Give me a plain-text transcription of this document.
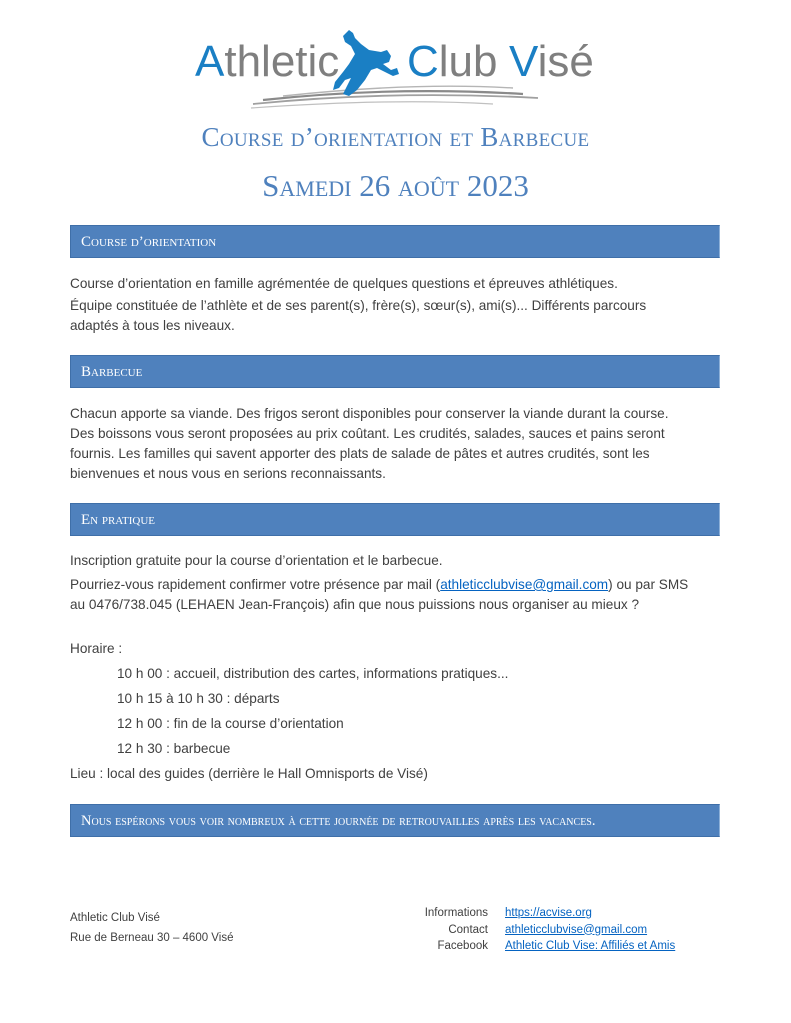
Athletic Club Visé
Course d’orientation et Barbecue
Samedi 26 août 2023
Course d’orientation
Course d’orientation en famille agrémentée de quelques questions et épreuves athlétiques.
Équipe constituée de l’athlète et de ses parent(s), frère(s), sœur(s), ami(s)... Différents parcours
adaptés à tous les niveaux.
Barbecue
Chacun apporte sa viande. Des frigos seront disponibles pour conserver la viande durant la course.
Des boissons vous seront proposées au prix coûtant. Les crudités, salades, sauces et pains seront
fournis. Les familles qui savent apporter des plats de salade de pâtes et autres crudités, sont les
bienvenues et nous vous en serions reconnaissants.
En pratique
Inscription gratuite pour la course d’orientation et le barbecue.
Pourriez-vous rapidement confirmer votre présence par mail (athleticclubvise@gmail.com) ou par SMS
au 0476/738.045 (LEHAEN Jean-François) afin que nous puissions nous organiser au mieux ?
Horaire :
10 h 00 : accueil, distribution des cartes, informations pratiques...
10 h 15 à 10 h 30 : départs
12 h 00 : fin de la course d’orientation
12 h 30 : barbecue
Lieu : local des guides (derrière le Hall Omnisports de Visé)
Nous espérons vous voir nombreux à cette journée de retrouvailles après les vacances.
Athletic Club Visé
Rue de Berneau 30 – 4600 Visé
Informations	https://acvise.org
Contact	athleticclubvise@gmail.com
Facebook	Athletic Club Vise: Affiliés et Amis
